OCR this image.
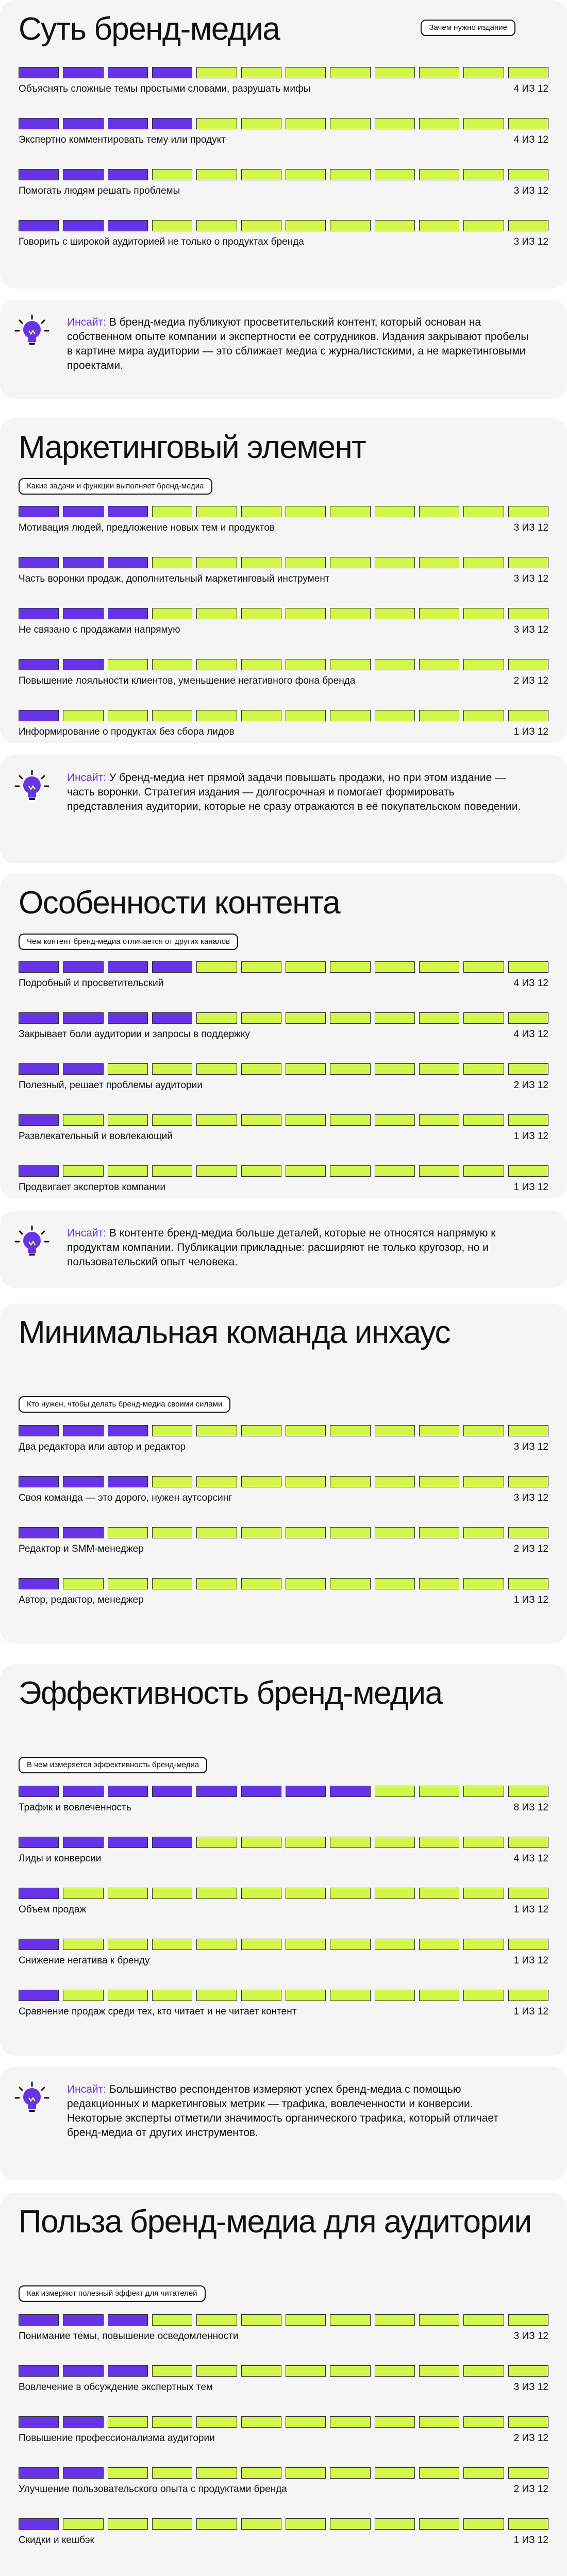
Суть бренд-медиа	Зачем нужно издание
Объяснять сложные темы простыми словами, разрушать мифы	4 ИЗ 12
Экспертно комментировать тему или продукт	4 ИЗ 12
Помогать людям решать проблемы	3 ИЗ 12
Говорить с широкой аудиторией не только о продуктах бренда	3 ИЗ 12

Инсайт: В бренд-медиа публикуют просветительский контент, который основан на собственном опыте компании и экспертности ее сотрудников. Издания закрывают пробелы в картине мира аудитории — это сближает медиа с журналистскими, а не маркетинговыми проектами.

Маркетинговый элемент
Какие задачи и функции выполняет бренд-медиа
Мотивация людей, предложение новых тем и продуктов	3 ИЗ 12
Часть воронки продаж, дополнительный маркетинговый инструмент	3 ИЗ 12
Не связано с продажами напрямую	3 ИЗ 12
Повышение лояльности клиентов, уменьшение негативного фона бренда	2 ИЗ 12
Информирование о продуктах без сбора лидов	1 ИЗ 12

Инсайт: У бренд-медиа нет прямой задачи повышать продажи, но при этом издание — часть воронки. Стратегия издания — долгосрочная и помогает формировать представления аудитории, которые не сразу отражаются в её покупательском поведении.

Особенности контента
Чем контент бренд-медиа отличается от других каналов
Подробный и просветительский	4 ИЗ 12
Закрывает боли аудитории и запросы в поддержку	4 ИЗ 12
Полезный, решает проблемы аудитории	2 ИЗ 12
Развлекательный и вовлекающий	1 ИЗ 12
Продвигает экспертов компании	1 ИЗ 12

Инсайт: В контенте бренд-медиа больше деталей, которые не относятся напрямую к продуктам компании. Публикации прикладные: расширяют не только кругозор, но и пользовательский опыт человека.

Минимальная команда инхаус
Кто нужен, чтобы делать бренд-медиа своими силами
Два редактора или автор и редактор	3 ИЗ 12
Своя команда — это дорого, нужен аутсорсинг	3 ИЗ 12
Редактор и SMM-менеджер	2 ИЗ 12
Автор, редактор, менеджер	1 ИЗ 12
Эффективность бренд-медиа
В чем измеряется эффективность бренд-медиа
Трафик и вовлеченность	8 ИЗ 12
Лиды и конверсии	4 ИЗ 12
Объем продаж	1 ИЗ 12
Снижение негатива к бренду	1 ИЗ 12
Сравнение продаж среди тех, кто читает и не читает контент	1 ИЗ 12

Инсайт: Большинство респондентов измеряют успех бренд-медиа с помощью редакционных и маркетинговых метрик — трафика, вовлеченности и конверсии. Некоторые эксперты отметили значимость органического трафика, который отличает бренд-медиа от других инструментов.

Польза бренд-медиа для аудитории
Как измеряют полезный эффект для читателей
Понимание темы, повышение осведомленности	3 ИЗ 12
Вовлечение в обсуждение экспертных тем	3 ИЗ 12
Повышение профессионализма аудитории	2 ИЗ 12
Улучшение пользовательского опыта с продуктами бренда	2 ИЗ 12
Скидки и кешбэк	1 ИЗ 12
